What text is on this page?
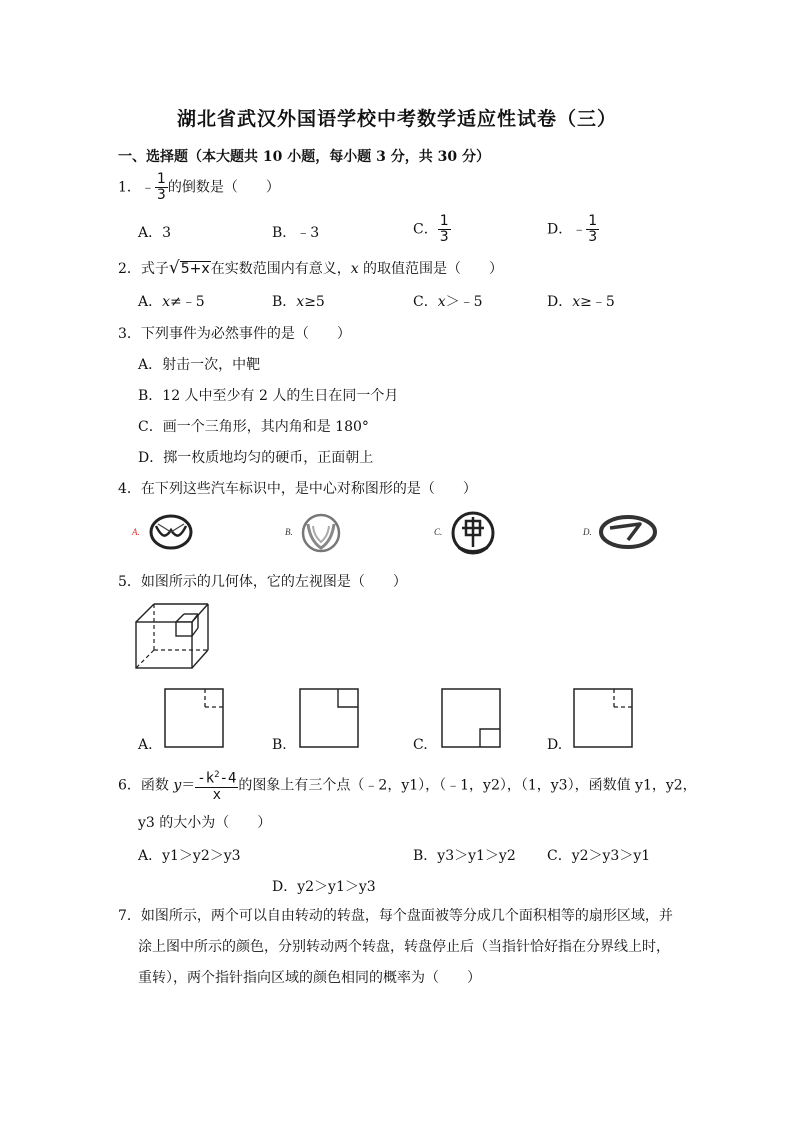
湖北省武汉外国语学校中考数学适应性试卷（三）
一、选择题（本大题共 10 小题，每小题 3 分，共 30 分）
1．﹣ $\frac{1}{3}$ 的倒数是（　　）
A．3	B．﹣3	C． $\frac{1}{3}$	D．﹣ $\frac{1}{3}$
2．式子√5+x在实数范围内有意义，x 的取值范围是（　　）
A．x≠﹣5	B．x≥5	C．x＞﹣5	D．x≥﹣5
3．下列事件为必然事件的是（　　）
A．射击一次，中靶
B．12 人中至少有 2 人的生日在同一个月
C．画一个三角形，其内角和是 180°
D．掷一枚质地均匀的硬币，正面朝上
4．在下列这些汽车标识中，是中心对称图形的是（　　）
A.	B.	C.	D.
5．如图所示的几何体，它的左视图是（　　）
A.	B.	C.	D.
6．函数 $y= \frac{-k^2-4}{x}$ 的图象上有三个点（﹣2，y1），（﹣1，y2），（1，y3），函数值 y1，y2，
y3 的大小为（　　）
A．y1＞y2＞y3	B．y3＞y1＞y2 C．y2＞y3＞y1
D．y2＞y1＞y3
7．如图所示，两个可以自由转动的转盘，每个盘面被等分成几个面积相等的扇形区域，并
涂上图中所示的颜色，分别转动两个转盘，转盘停止后（当指针恰好指在分界线上时，
重转），两个指针指向区域的颜色相同的概率为（　　）
